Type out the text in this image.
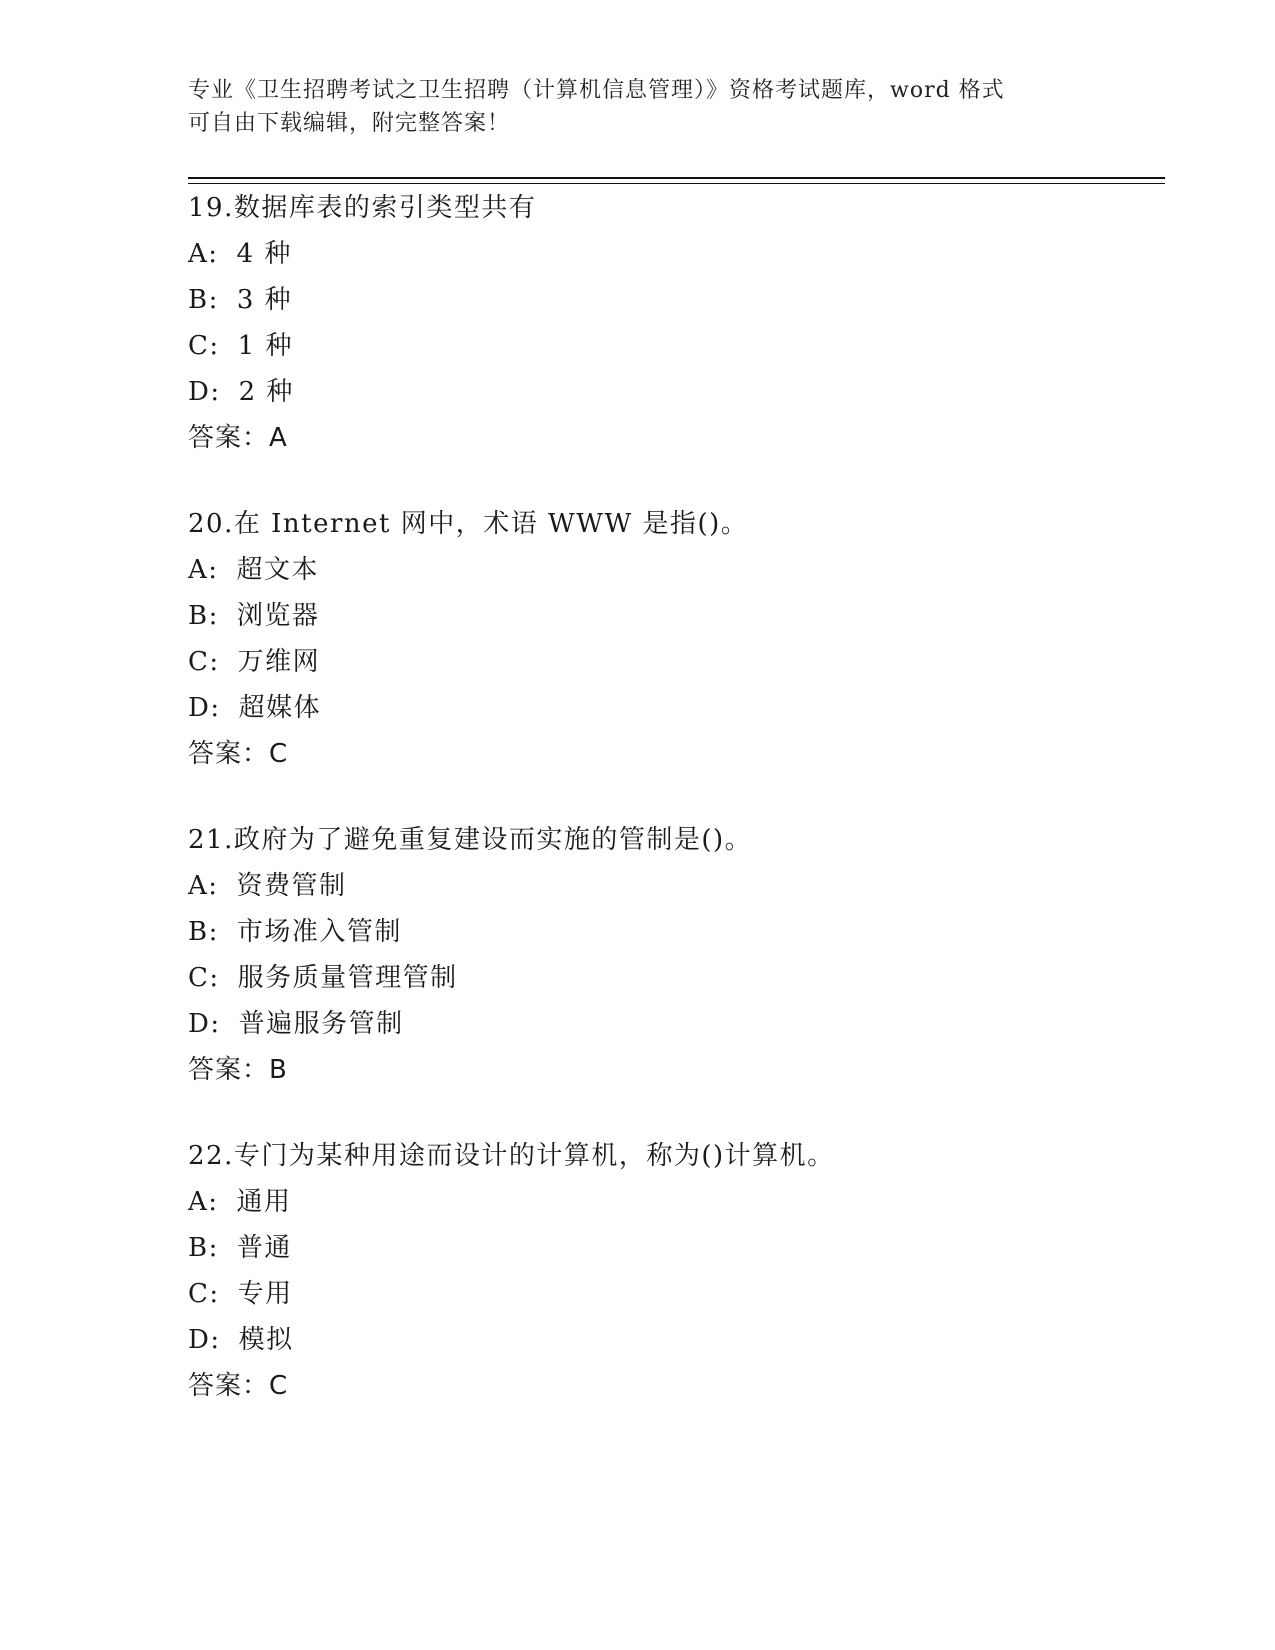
专业《卫生招聘考试之卫生招聘（计算机信息管理）》资格考试题库，word 格式
可自由下载编辑，附完整答案！
19.数据库表的索引类型共有
A: 4 种
B: 3 种
C: 1 种
D: 2 种
答案：A
20.在 Internet 网中，术语 WWW 是指()。
A: 超文本
B: 浏览器
C: 万维网
D: 超媒体
答案：C
21.政府为了避免重复建设而实施的管制是()。
A: 资费管制
B: 市场准入管制
C: 服务质量管理管制
D: 普遍服务管制
答案：B
22.专门为某种用途而设计的计算机，称为()计算机。
A: 通用
B: 普通
C: 专用
D: 模拟
答案：C
